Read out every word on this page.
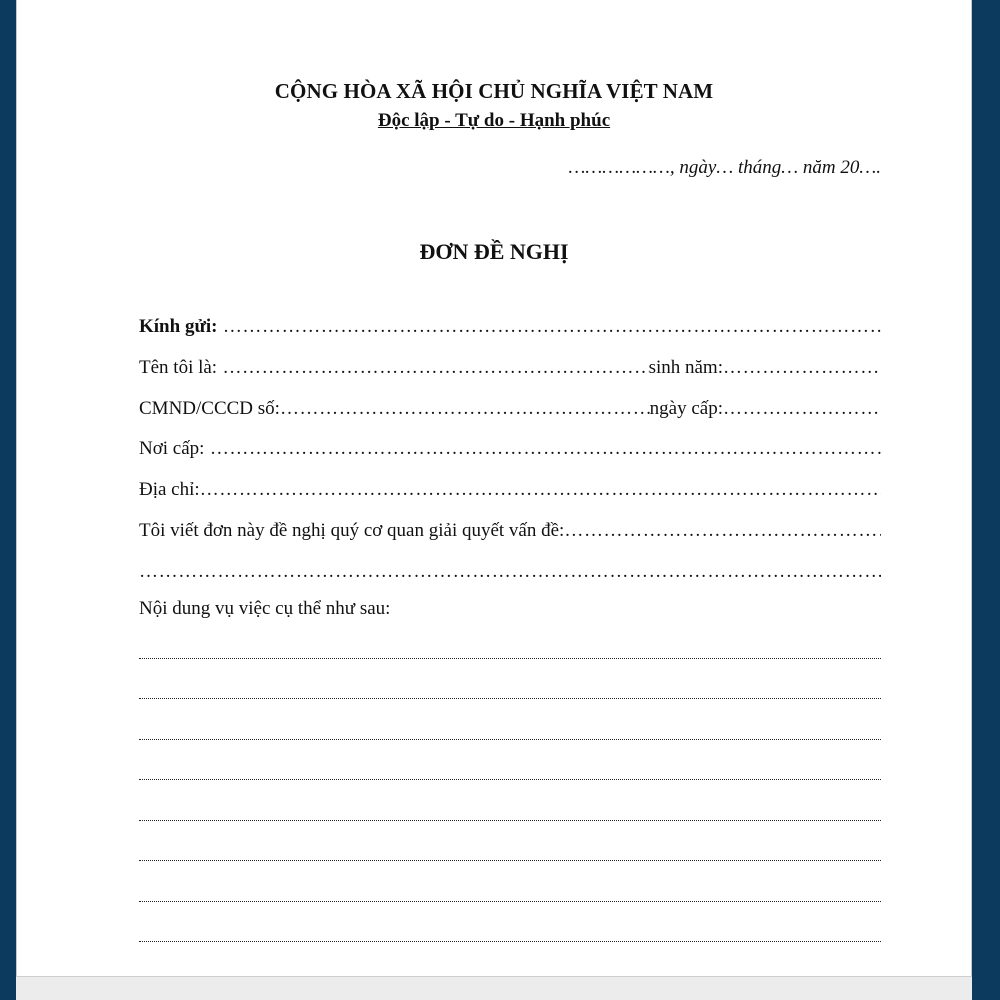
CỘNG HÒA XÃ HỘI CHỦ NGHĨA VIỆT NAM
Độc lập - Tự do - Hạnh phúc
………………, ngày… tháng… năm 20….
ĐƠN ĐỀ NGHỊ
Kính gửi:
………………………………………………………………………………………………………………………………………………
Tên tôi là: ………………………………………………………………………………………………………………………………………………	sinh năm:
………………………………………………………………………………………………………………………………………………
CMND/CCCD số: ………………………………………………………………………………………………………………………………………………	ngày cấp:
………………………………………………………………………………………………………………………………………………
Nơi cấp:
………………………………………………………………………………………………………………………………………………
Địa chỉ:
………………………………………………………………………………………………………………………………………………
Tôi viết đơn này đề nghị quý cơ quan giải quyết vấn đề:
………………………………………………………………………………………………………………………………………………
………………………………………………………………………………………………………………………………………………
Nội dung vụ việc cụ thể như sau:
